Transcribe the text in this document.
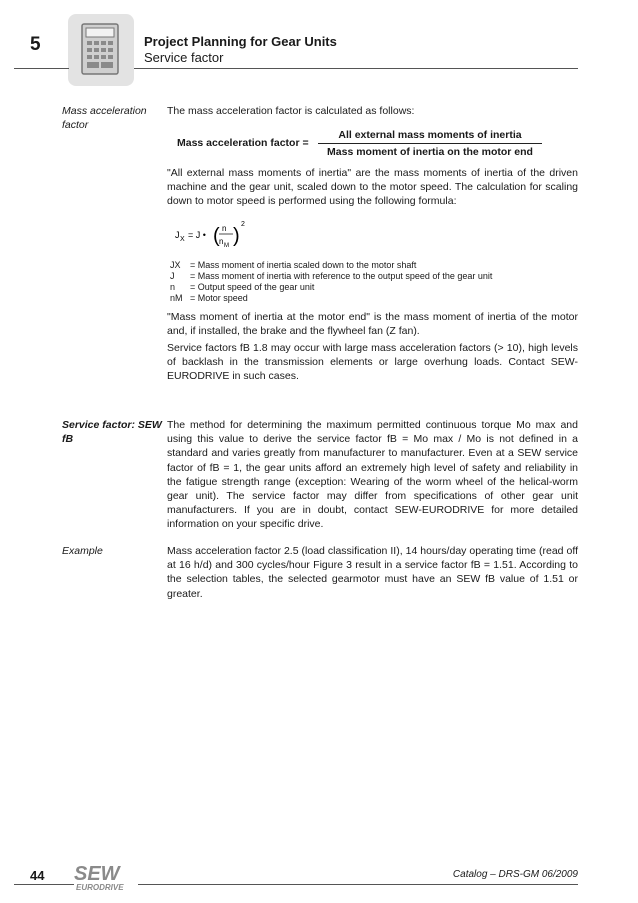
5	Project Planning for Gear Units
Service factor
Mass acceleration factor
The mass acceleration factor is calculated as follows:
Mass acceleration factor =
All external mass moments of inertia
Mass moment of inertia on the motor end
"All external mass moments of inertia" are the mass moments of inertia of the driven machine and the gear unit, scaled down to the motor speed. The calculation for scaling down to motor speed is performed using the following formula:
J X = J • ( n
n M )
2
JX	= Mass moment of inertia scaled down to the motor shaft
J	= Mass moment of inertia with reference to the output speed of the gear unit
n	= Output speed of the gear unit
nM = Motor speed
"Mass moment of inertia at the motor end" is the mass moment of inertia of the motor and, if installed, the brake and the flywheel fan (Z fan).
Service factors fB 1.8 may occur with large mass acceleration factors (> 10), high levels of backlash in the transmission elements or large overhung loads. Contact SEW-EURODRIVE in such cases.
Service factor: SEW fB
The method for determining the maximum permitted continuous torque Mo max and using this value to derive the service factor fB = Mo max / Mo is not defined in a standard and varies greatly from manufacturer to manufacturer. Even at a SEW service factor of fB = 1, the gear units afford an extremely high level of safety and reliability in the fatigue strength range (exception: Wearing of the worm wheel of the helical-worm gear unit). The service factor may differ from specifications of other gear unit manufacturers. If you are in doubt, contact SEW-EURODRIVE for more detailed information on your specific drive.
Example	Mass acceleration factor 2.5 (load classification II), 14 hours/day operating time (read off at 16 h/d) and 300 cycles/hour Figure 3 result in a service factor fB = 1.51. According to the selection tables, the selected gearmotor must have an SEW fB value of 1.51 or greater.
44 SEW
EURODRIVE
Catalog – DRS-GM 06/2009
